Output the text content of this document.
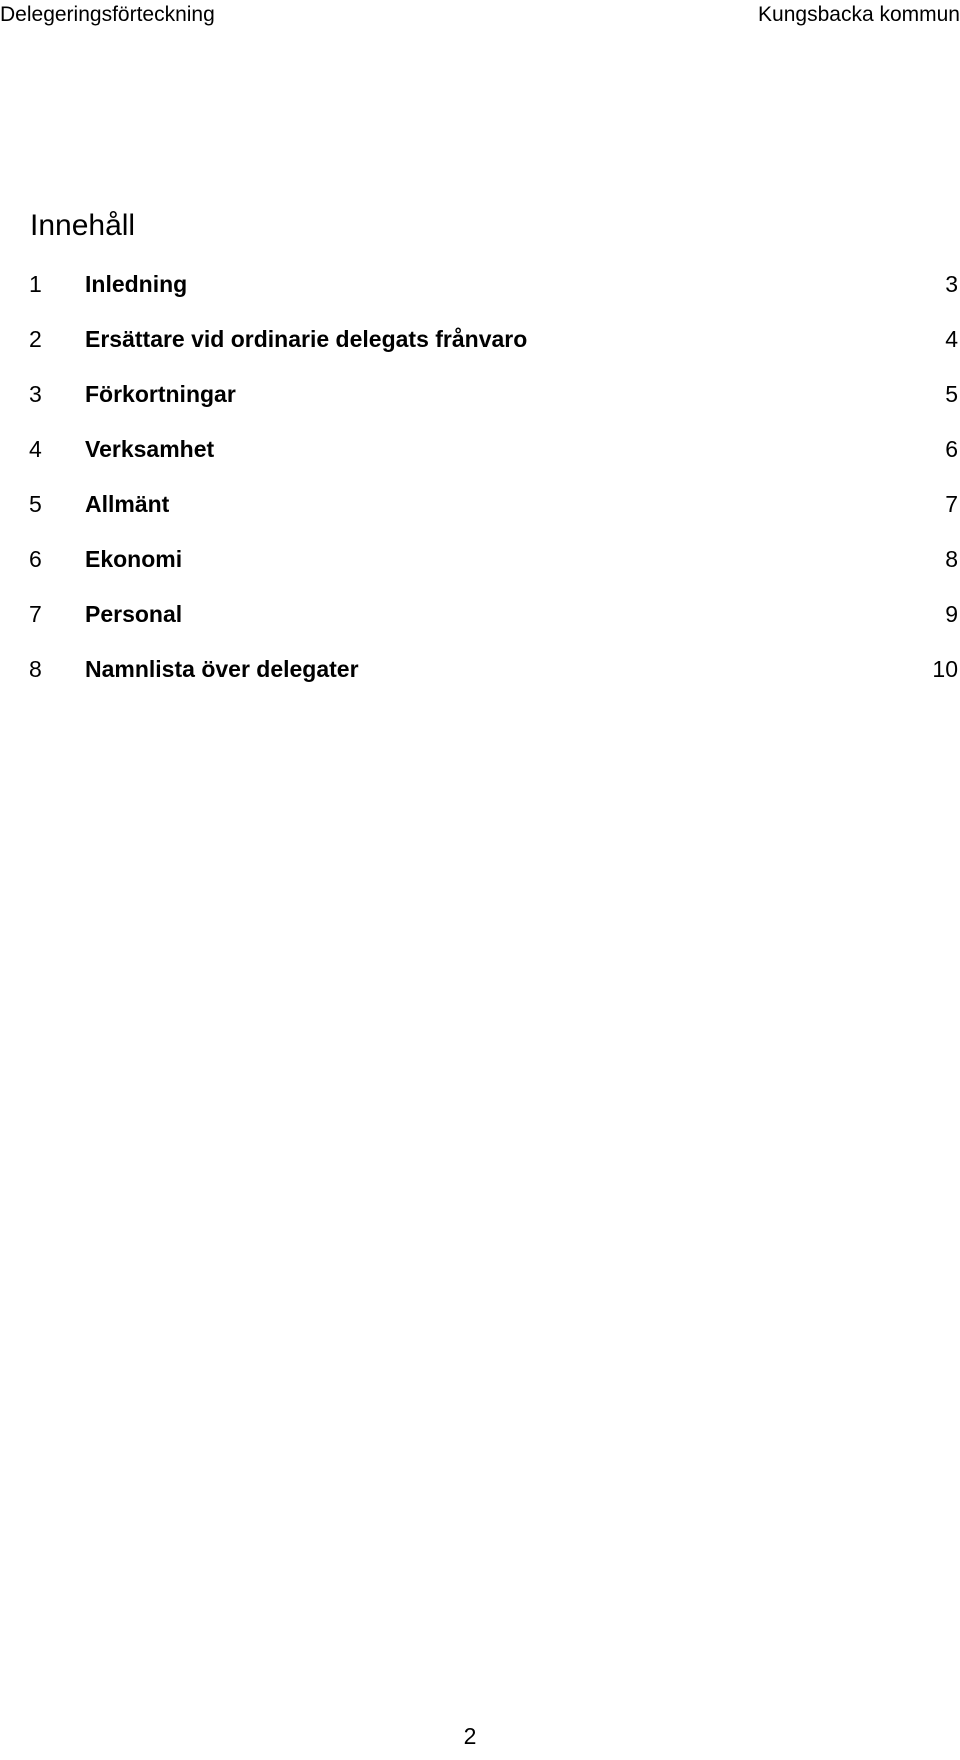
Delegeringsförteckning	Kungsbacka kommun
Innehåll
1 Inledning	3
2 Ersättare vid ordinarie delegats frånvaro	4
3 Förkortningar	5
4 Verksamhet	6
5 Allmänt	7
6 Ekonomi	8
7 Personal	9
8 Namnlista över delegater	10
2
